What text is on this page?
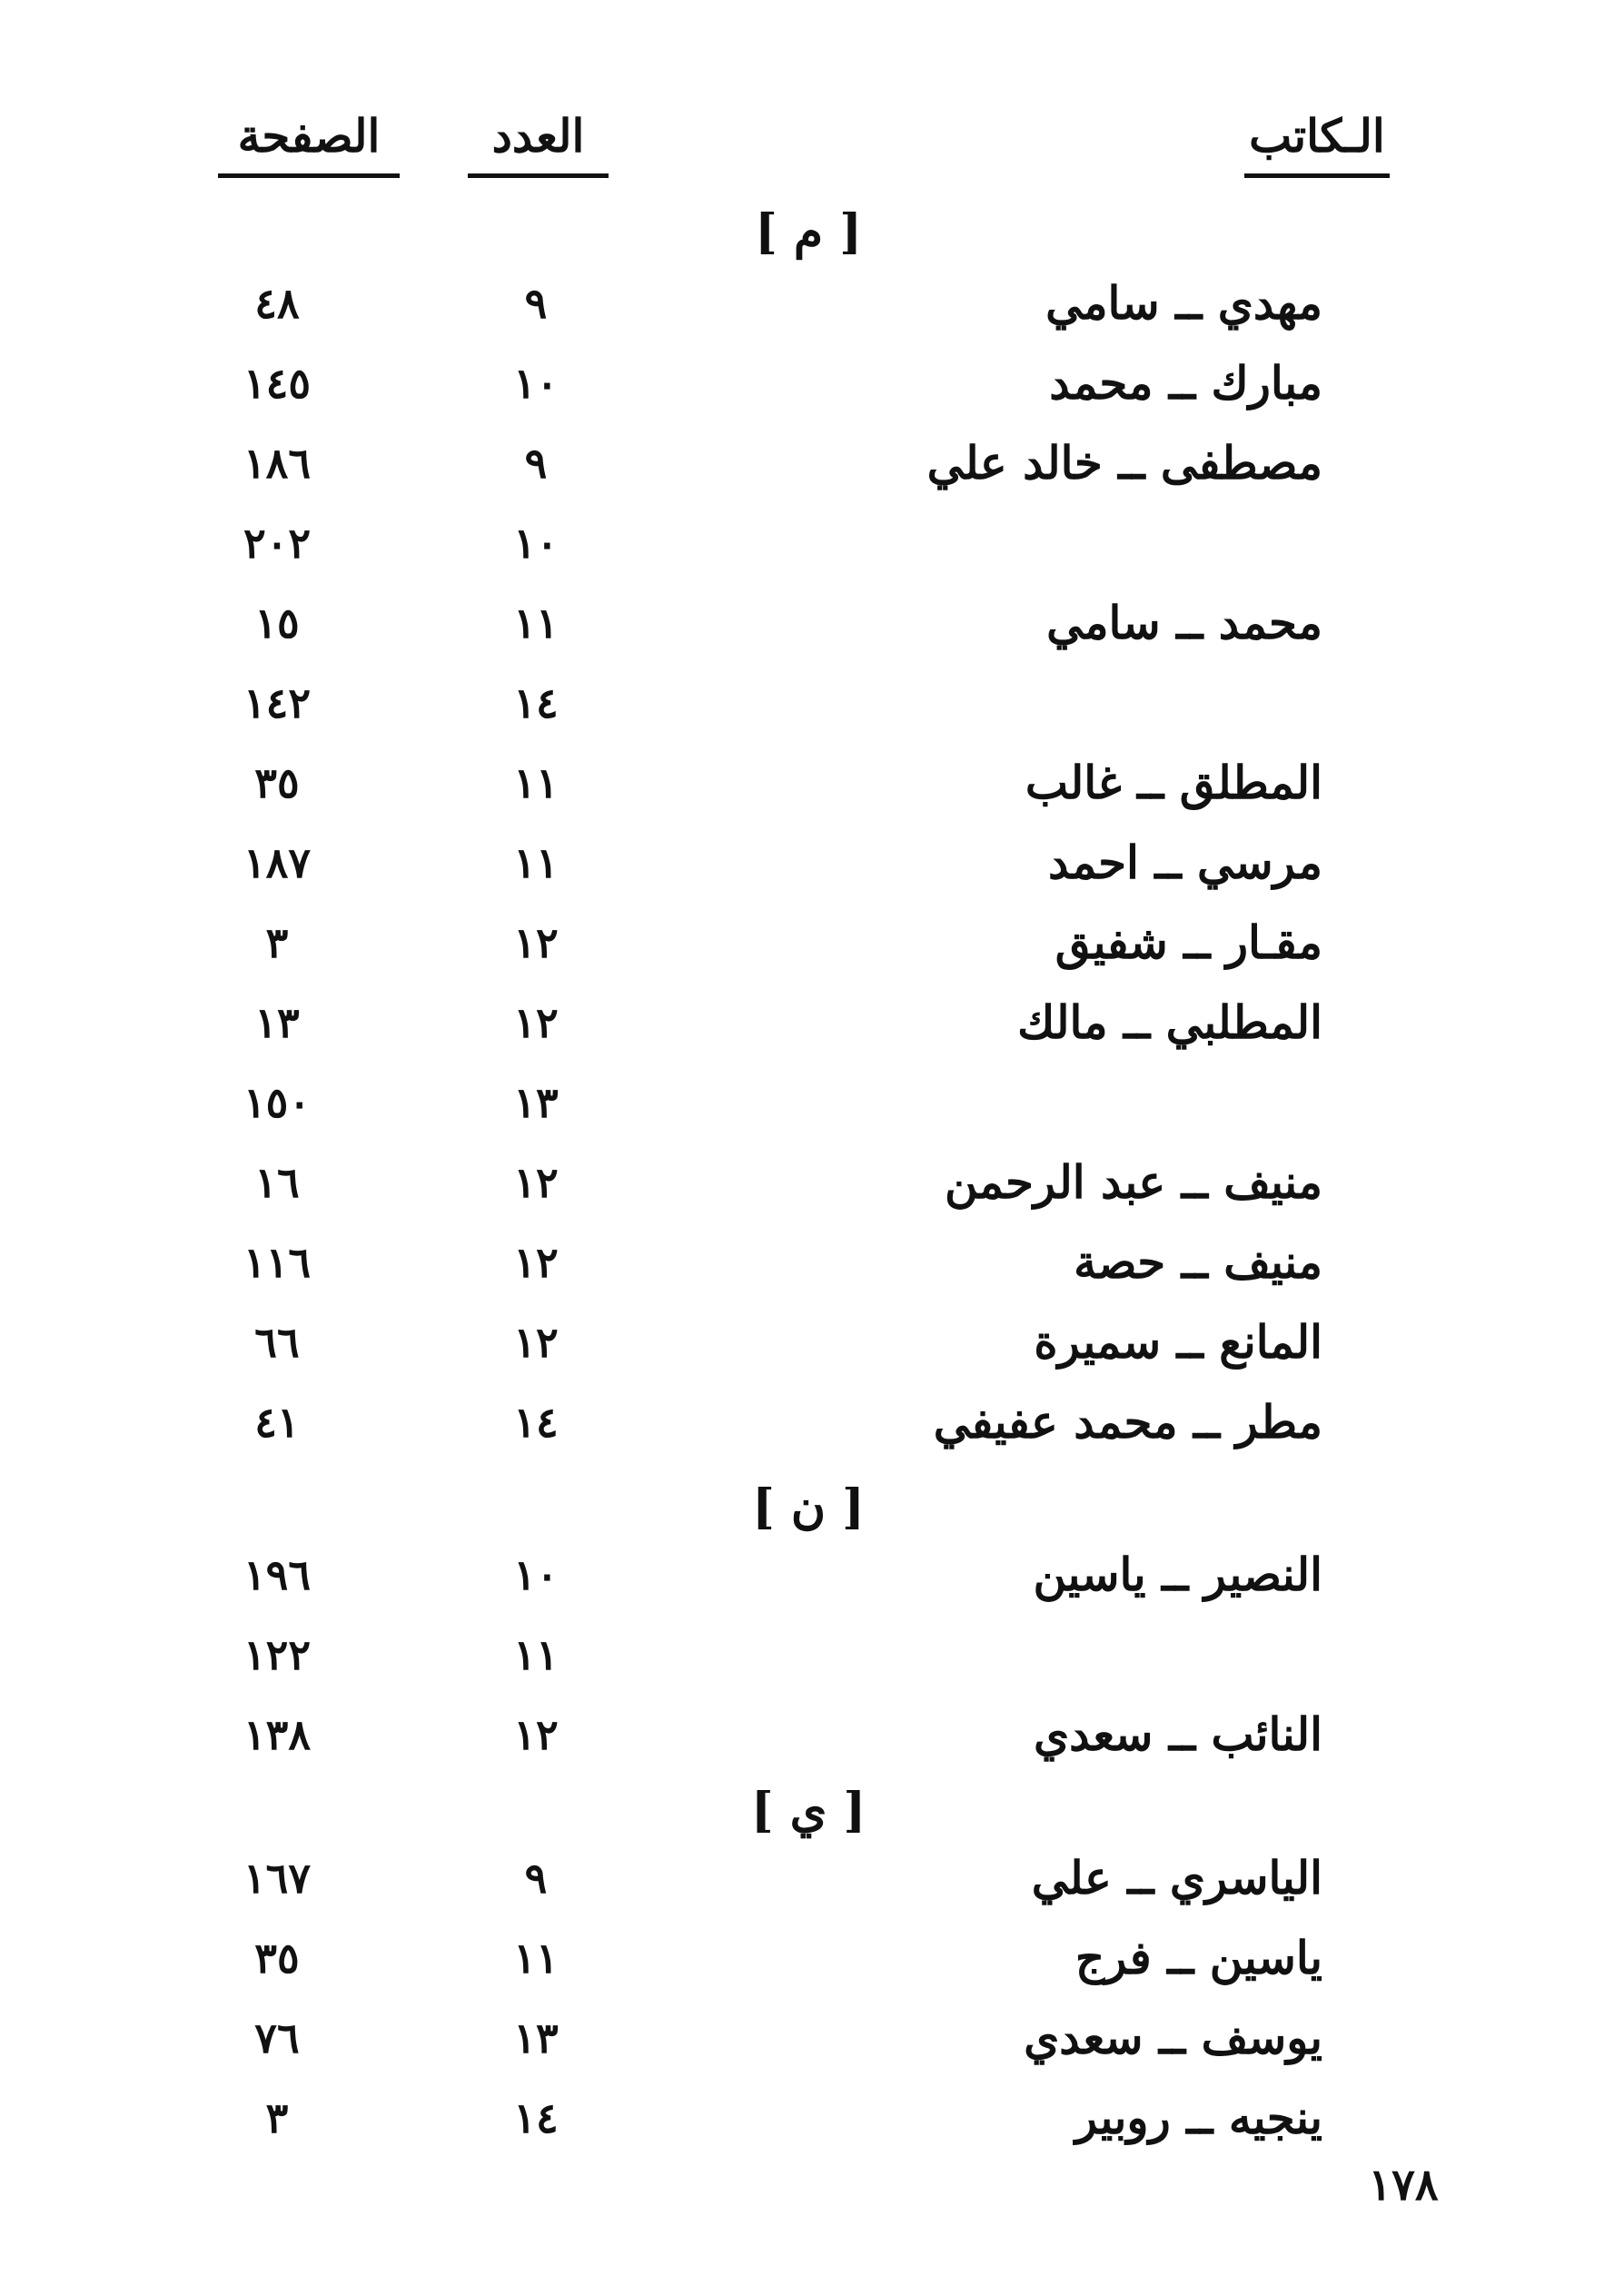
الـكاتب
العدد
الصفحة
[ م ]
مهدي ــ سامي
٩
٤٨
مبارك ــ محمد
١٠
١٤٥
مصطفى ــ خالد علي
٩
١٨٦
١٠
٢٠٢
محمد ــ سامي
١١
١٥
١٤
١٤٢
المطلق ــ غالب
١١
٣٥
مرسي ــ احمد
١١
١٨٧
مقـار ــ شفيق
١٢
٣
المطلبي ــ مالك
١٢
١٣
١٣
١٥٠
منيف ــ عبد الرحمن
١٢
١٦
منيف ــ حصة
١٢
١١٦
المانع ــ سميرة
١٢
٦٦
مطر ــ محمد عفيفي
١٤
٤١
[ ن ]
النصير ــ ياسين
١٠
١٩٦
١١
١٢٢
النائب ــ سعدي
١٢
١٣٨
[ ي ]
الياسري ــ علي
٩
١٦٧
ياسين ــ فرج
١١
٣٥
يوسف ــ سعدي
١٣
٧٦
ينجيه ــ روبير
١٤
٣
١٧٨
